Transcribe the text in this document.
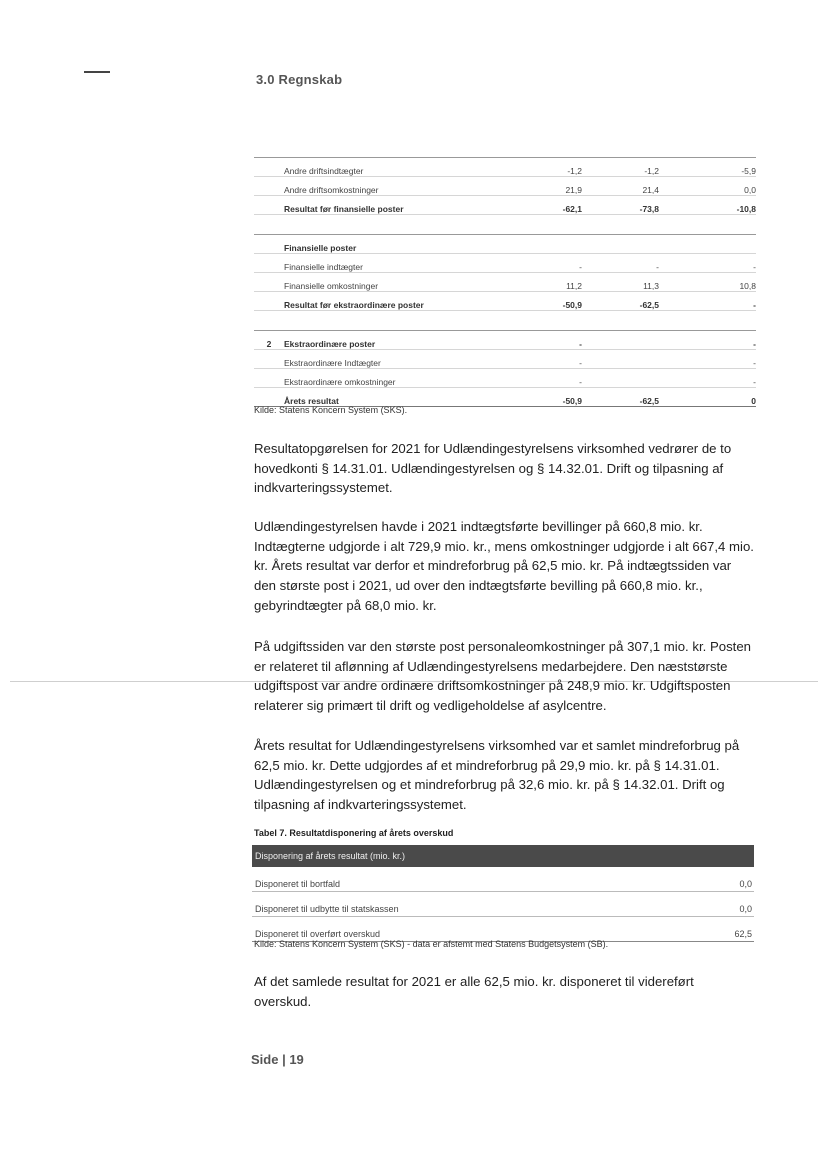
3.0 Regnskab
	Andre driftsindtægter	-1,2	-1,2	-5,9
	Andre driftsomkostninger	21,9	21,4	0,0
	Resultat før finansielle poster	-62,1	-73,8	-10,8

	Finansielle poster			
	Finansielle indtægter	-	-	-
	Finansielle omkostninger	11,2	11,3	10,8
	Resultat før ekstraordinære poster	-50,9	-62,5	-

2	Ekstraordinære poster	-		-
	Ekstraordinære Indtægter	-		-
	Ekstraordinære omkostninger	-		-
	Årets resultat	-50,9	-62,5	0
Kilde: Statens Koncern System (SKS).

Resultatopgørelsen for 2021 for Udlændingestyrelsens virksomhed vedrører de to hovedkonti § 14.31.01. Udlændingestyrelsen og § 14.32.01. Drift og tilpasning af indkvarteringssystemet.

Udlændingestyrelsen havde i 2021 indtægtsførte bevillinger på 660,8 mio. kr. Indtægterne udgjorde i alt 729,9 mio. kr., mens omkostninger udgjorde i alt 667,4 mio. kr. Årets resultat var derfor et mindreforbrug på 62,5 mio. kr. På indtægtssiden var den største post i 2021, ud over den indtægtsførte bevilling på 660,8 mio. kr., gebyrindtægter på 68,0 mio. kr.

På udgiftssiden var den største post personaleomkostninger på 307,1 mio. kr. Posten er relateret til aflønning af Udlændingestyrelsens medarbejdere. Den næststørste udgiftspost var andre ordinære driftsomkostninger på 248,9 mio. kr. Udgiftsposten relaterer sig primært til drift og vedligeholdelse af asylcentre.

Årets resultat for Udlændingestyrelsens virksomhed var et samlet mindreforbrug på 62,5 mio. kr. Dette udgjordes af et mindreforbrug på 29,9 mio. kr. på § 14.31.01. Udlændingestyrelsen og et mindreforbrug på 32,6 mio. kr. på § 14.32.01. Drift og tilpasning af indkvarteringssystemet.

Tabel 7. Resultatdisponering af årets overskud
Disponering af årets resultat (mio. kr.)	
Disponeret til bortfald	0,0
Disponeret til udbytte til statskassen	0,0
Disponeret til overført overskud	62,5
Kilde: Statens Koncern System (SKS) - data er afstemt med Statens Budgetsystem (SB).

Af det samlede resultat for 2021 er alle 62,5 mio. kr. disponeret til videreført overskud.

Side | 19
